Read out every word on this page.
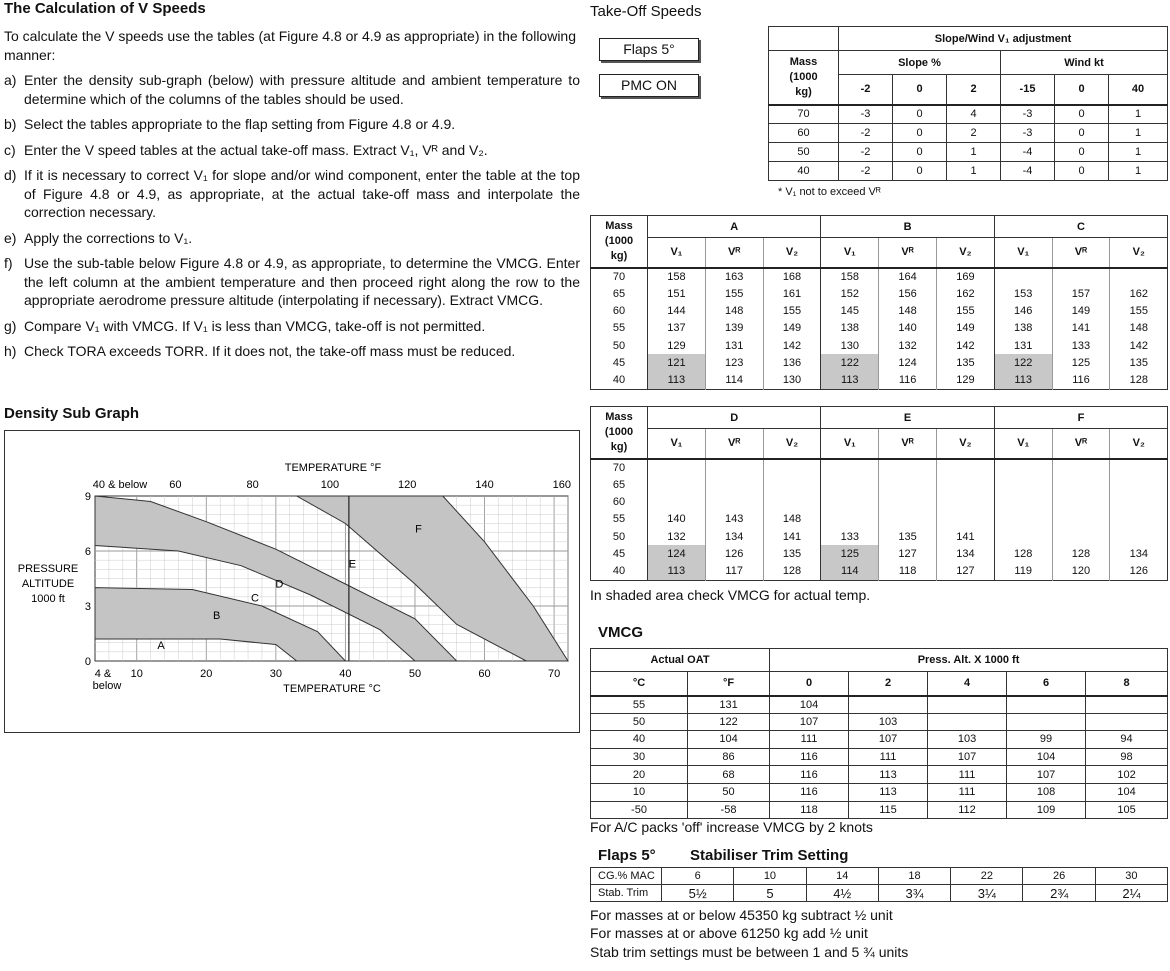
The Calculation of V Speeds

To calculate the V speeds use the tables (at Figure 4.8 or 4.9 as appropriate) in the following manner:

a) Enter the density sub-graph (below) with pressure altitude and ambient temperature to determine which of the columns of the tables should be used.
b) Select the tables appropriate to the flap setting from Figure 4.8 or 4.9.
c) Enter the V speed tables at the actual take-off mass. Extract V₁, Vᴿ and V₂.
d) If it is necessary to correct V₁ for slope and/or wind component, enter the table at the top of Figure 4.8 or 4.9, as appropriate, at the actual take-off mass and interpolate the correction necessary.
e) Apply the corrections to V₁.
f) Use the sub-table below Figure 4.8 or 4.9, as appropriate, to determine the VMCG. Enter the left column at the ambient temperature and then proceed right along the row to the appropriate aerodrome pressure altitude (interpolating if necessary). Extract VMCG.
g) Compare V₁ with VMCG. If V₁ is less than VMCG, take-off is not permitted.
h) Check TORA exceeds TORR. If it does not, the take-off mass must be reduced.
Density Sub Graph
A
B
C
D
E
F
9
6
3
0
PRESSURE
ALTITUDE
1000 ft
TEMPERATURE °F
40 & below 60	80	100	120	140	160
4 & 10	20	30	40	50	60	70
below	TEMPERATURE °C
Take-Off Speeds
Flaps 5°
PMC ON
	Slope/Wind V₁ adjustment					

Mass
(1000
kg)	Slope %			Wind kt		
	-2	0	2	-15	0	40
70	-3	0	4	-3	0	1
60	-2	0	2	-3	0	1
50	-2	0	1	-4	0	1
40	-2	0	1	-4	0	1
* V₁ not to exceed Vᴿ
Mass
(1000
kg)	A			B			C		
	V₁	Vᴿ	V₂	V₁	Vᴿ	V₂	V₁	Vᴿ	V₂
70	158	163	168	158	164	169			
65	151	155	161	152	156	162	153	157	162
60	144	148	155	145	148	155	146	149	155
55	137	139	149	138	140	149	138	141	148
50	129	131	142	130	132	142	131	133	142
45	121	123	136	122	124	135	122	125	135
40	113	114	130	113	116	129	113	116	128
Mass
(1000
kg)	D			E			F		
	V₁	Vᴿ	V₂	V₁	Vᴿ	V₂	V₁	Vᴿ	V₂
70									
65									
60									
55	140	143	148						
50	132	134	141	133	135	141			
45	124	126	135	125	127	134	128	128	134
40	113	117	128	114	118	127	119	120	126
In shaded area check VMCG for actual temp.
VMCG
Actual OAT		Press. Alt. X 1000 ft				
°C	°F	0	2	4	6	8
55	131	104				
50	122	107	103			
40	104	111	107	103	99	94
30	86	116	111	107	104	98
20	68	116	113	111	107	102
10	50	116	113	111	108	104
-50	-58	118	115	112	109	105
For A/C packs 'off' increase VMCG by 2 knots
Flaps 5° Stabiliser Trim Setting
CG.% MAC	6	10	14	18	22	26	30
Stab. Trim	5½	5	4½	3¾	3¼	2¾	2¼
For masses at or below 45350 kg subtract ½ unit
For masses at or above 61250 kg add ½ unit
Stab trim settings must be between 1 and 5 ¾ units
